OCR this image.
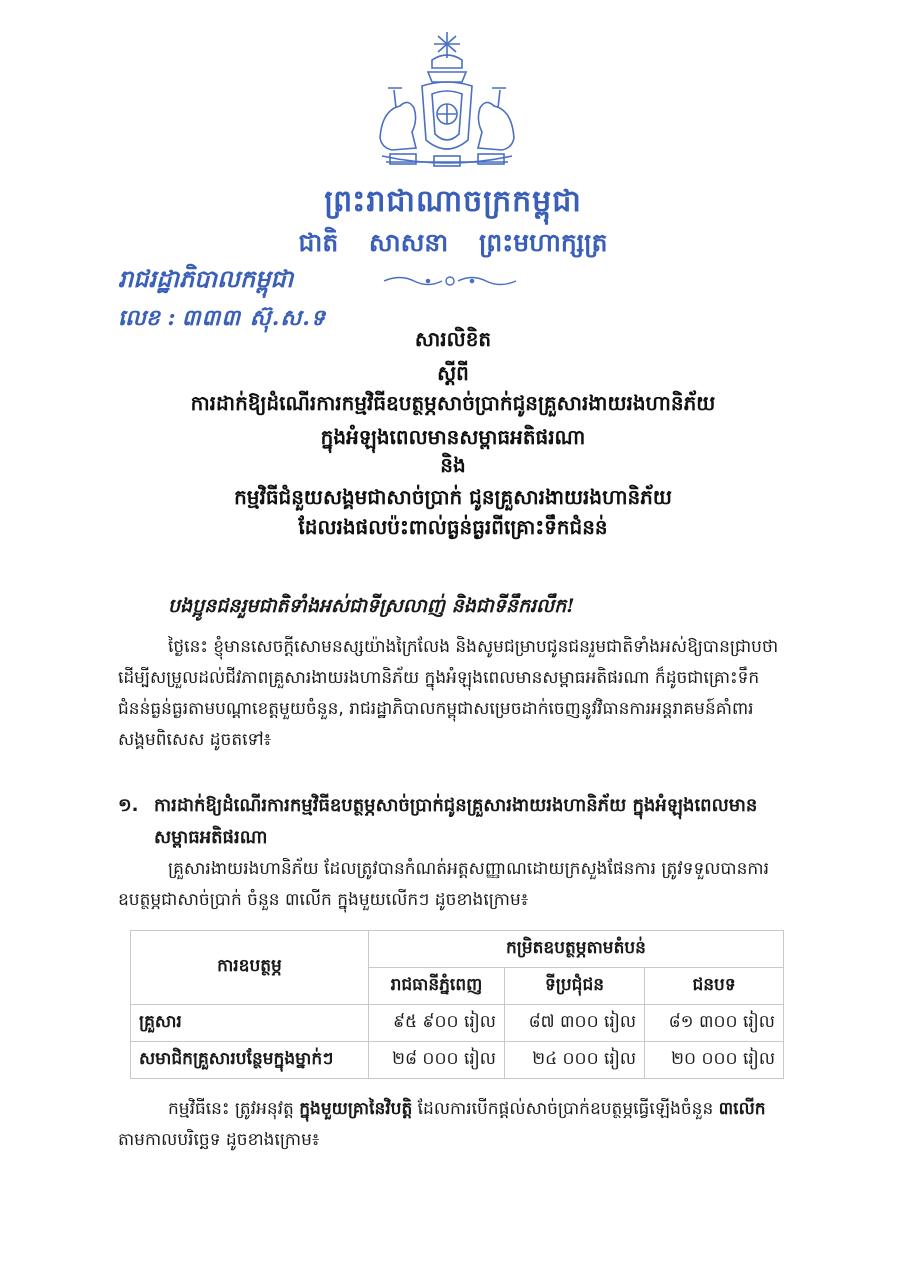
ព្រះរាជាណាចក្រកម្ពុជា
ជាតិ សាសនា ព្រះមហាក្សត្រ
រាជរដ្ឋាភិបាលកម្ពុជា
លេខ : ៣៣៣ ស៊ុ.ស.ទ
សារលិខិត
ស្តីពី
ការដាក់ឱ្យដំណើរការកម្មវិធីឧបត្ថម្ភសាច់ប្រាក់ជូនគ្រួសារងាយរងហានិភ័យ
ក្នុងអំឡុងពេលមានសម្ពាធអតិផរណា
និង
កម្មវិធីជំនួយសង្គមជាសាច់ប្រាក់ ជូនគ្រួសារងាយរងហានិភ័យ
ដែលរងផលប៉ះពាល់ធ្ងន់ធ្ងរពីគ្រោះទឹកជំនន់
បងប្អូនជនរួមជាតិទាំងអស់ជាទីស្រលាញ់ និងជាទីនឹករលឹក!

ថ្ងៃនេះ ខ្ញុំមានសេចក្តីសោមនស្សយ៉ាងក្រៃលែង និងសូមជម្រាបជូនជនរួមជាតិទាំងអស់ឱ្យបានជ្រាបថា ដើម្បីសម្រួលដល់ជីវភាពគ្រួសារងាយរងហានិភ័យ ក្នុងអំឡុងពេលមានសម្ពាធអតិផរណា ក៏ដូចជាគ្រោះទឹកជំនន់ធ្ងន់ធ្ងរតាមបណ្តាខេត្តមួយចំនួន, រាជរដ្ឋាភិបាលកម្ពុជាសម្រេចដាក់ចេញនូវវិធានការអន្តរាគមន៍គាំពារសង្គមពិសេស ដូចតទៅ៖

១. ការដាក់ឱ្យដំណើរការកម្មវិធីឧបត្ថម្ភសាច់ប្រាក់ជូនគ្រួសារងាយរងហានិភ័យ ក្នុងអំឡុងពេលមាន
សម្ពាធអតិផរណា

គ្រួសារងាយរងហានិភ័យ ដែលត្រូវបានកំណត់អត្តសញ្ញាណដោយក្រសួងផែនការ ត្រូវទទួលបានការឧបត្ថម្ភជាសាច់ប្រាក់ ចំនួន ៣លើក ក្នុងមួយលើកៗ ដូចខាងក្រោម៖

ការឧបត្ថម្ភ	កម្រិតឧបត្ថម្ភតាមតំបន់		
	រាជធានីភ្នំពេញ	ទីប្រជុំជន	ជនបទ
គ្រួសារ	៩៥ ៩០០ រៀល	៨៧ ៣០០ រៀល	៨១ ៣០០ រៀល
សមាជិកគ្រួសារបន្ថែមក្នុងម្នាក់ៗ	២៨ ០០០ រៀល	២៤ ០០០ រៀល	២០ ០០០ រៀល

កម្មវិធីនេះ ត្រូវអនុវត្ត ក្នុងមួយគ្រានៃវិបត្តិ ដែលការបើកផ្តល់សាច់ប្រាក់ឧបត្ថម្ភធ្វើឡើងចំនួន ៣លើក តាមកាលបរិច្ឆេទ ដូចខាងក្រោម៖
